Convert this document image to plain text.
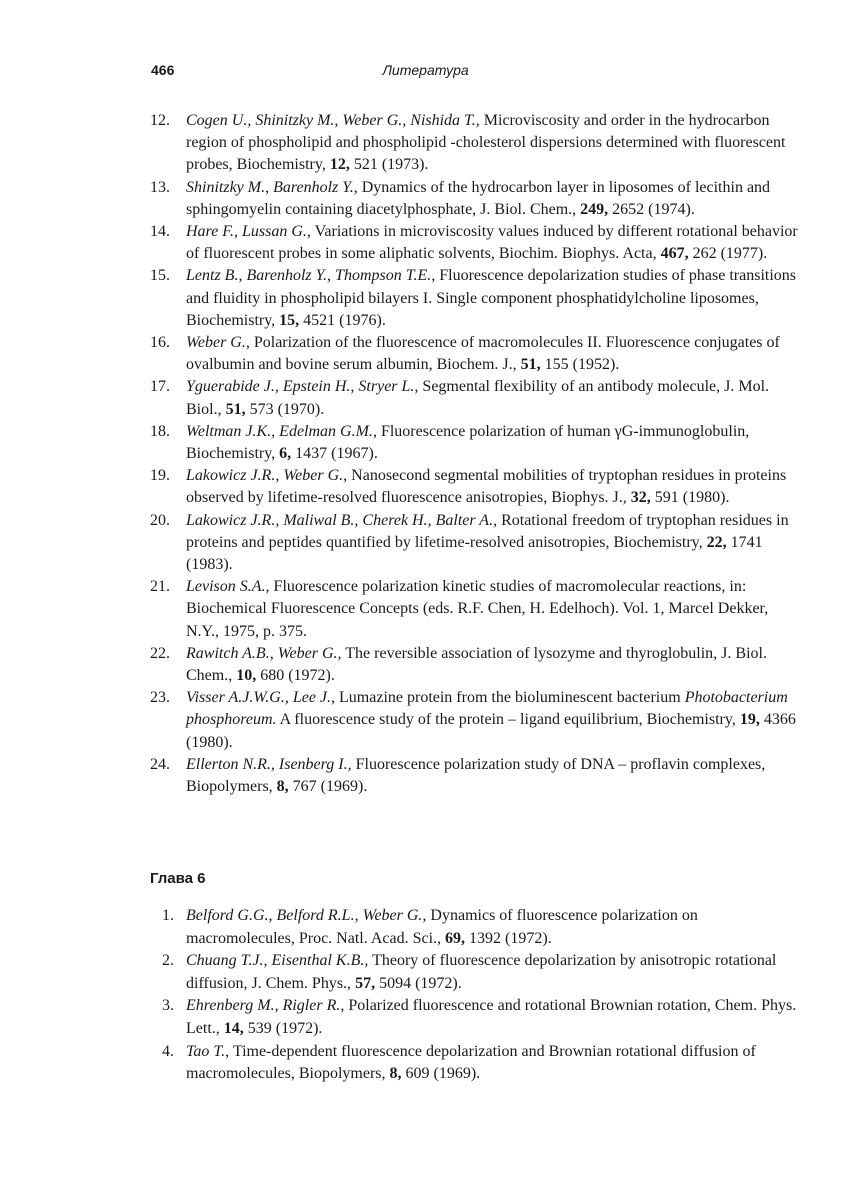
466	Литература
12. Cogen U., Shinitzky M., Weber G., Nishida T., Microviscosity and order in the hydrocarbon region of phospholipid and phospholipid -cholesterol dispersions determined with fluorescent probes, Biochemistry, 12, 521 (1973).
13. Shinitzky M., Barenholz Y., Dynamics of the hydrocarbon layer in liposomes of lecithin and sphingomyelin containing diacetylphosphate, J. Biol. Chem., 249, 2652 (1974).
14. Hare F., Lussan G., Variations in microviscosity values induced by different rotational behavior of fluorescent probes in some aliphatic solvents, Biochim. Biophys. Acta, 467, 262 (1977).
15. Lentz B., Barenholz Y., Thompson T.E., Fluorescence depolarization studies of phase transitions and fluidity in phospholipid bilayers I. Single component phosphatidylcholine liposomes, Biochemistry, 15, 4521 (1976).
16. Weber G., Polarization of the fluorescence of macromolecules II. Fluorescence conjugates of ovalbumin and bovine serum albumin, Biochem. J., 51, 155 (1952).
17. Yguerabide J., Epstein H., Stryer L., Segmental flexibility of an antibody molecule, J. Mol. Biol., 51, 573 (1970).
18. Weltman J.K., Edelman G.M., Fluorescence polarization of human γG-immunoglobulin, Biochemistry, 6, 1437 (1967).
19. Lakowicz J.R., Weber G., Nanosecond segmental mobilities of tryptophan residues in proteins observed by lifetime-resolved fluorescence anisotropies, Biophys. J., 32, 591 (1980).
20. Lakowicz J.R., Maliwal B., Cherek H., Balter A., Rotational freedom of tryptophan residues in proteins and peptides quantified by lifetime-resolved anisotropies, Biochemistry, 22, 1741 (1983).
21. Levison S.A., Fluorescence polarization kinetic studies of macromolecular reactions, in: Biochemical Fluorescence Concepts (eds. R.F. Chen, H. Edelhoch). Vol. 1, Marcel Dekker, N.Y., 1975, p. 375.
22. Rawitch A.B., Weber G., The reversible association of lysozyme and thyroglobulin, J. Biol. Chem., 10, 680 (1972).
23. Visser A.J.W.G., Lee J., Lumazine protein from the bioluminescent bacterium Photobacterium phosphoreum. A fluorescence study of the protein – ligand equilibrium, Biochemistry, 19, 4366 (1980).
24. Ellerton N.R., Isenberg I., Fluorescence polarization study of DNA – proflavin complexes, Biopolymers, 8, 767 (1969).
Глава 6
1. Belford G.G., Belford R.L., Weber G., Dynamics of fluorescence polarization on macromolecules, Proc. Natl. Acad. Sci., 69, 1392 (1972).
2. Chuang T.J., Eisenthal K.B., Theory of fluorescence depolarization by anisotropic rotational diffusion, J. Chem. Phys., 57, 5094 (1972).
3. Ehrenberg M., Rigler R., Polarized fluorescence and rotational Brownian rotation, Chem. Phys. Lett., 14, 539 (1972).
4. Tao T., Time-dependent fluorescence depolarization and Brownian rotational diffusion of macromolecules, Biopolymers, 8, 609 (1969).
